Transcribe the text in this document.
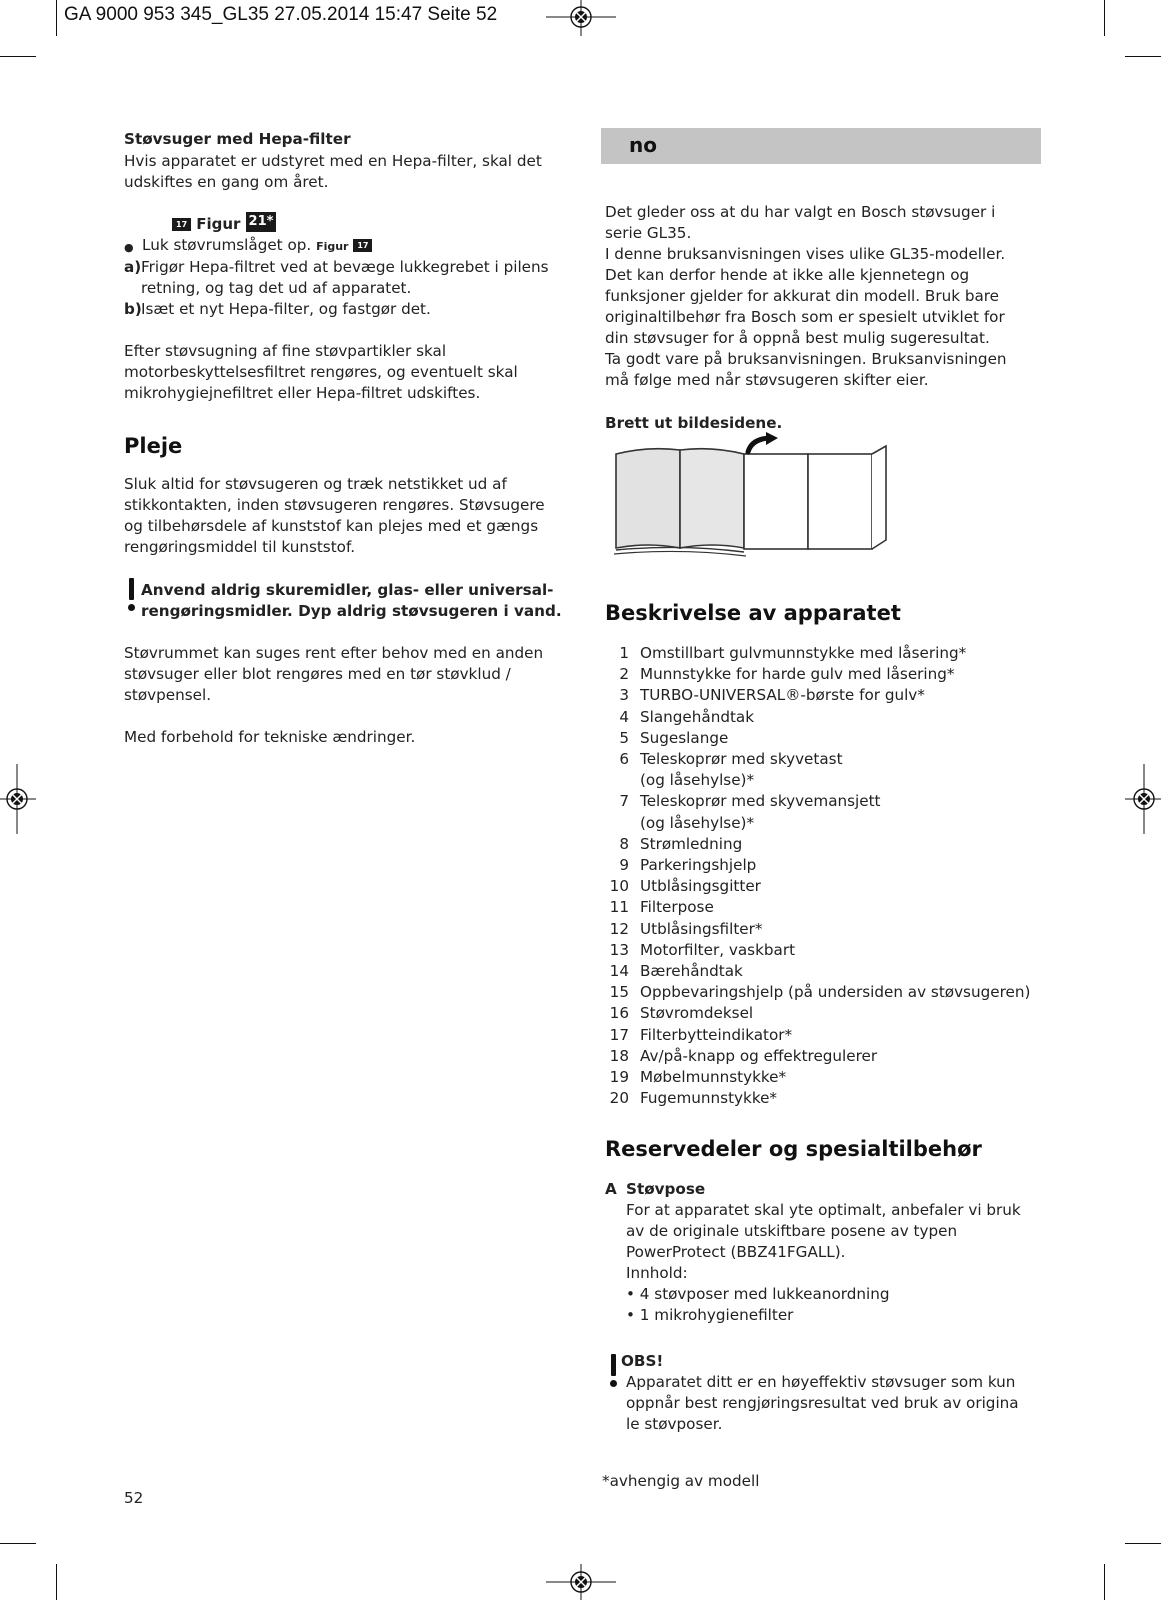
GA 9000 953 345_GL35 27.05.2014 15:47 Seite 52
Støvsuger med Hepa-filter
Hvis apparatet er udstyret med en Hepa-filter, skal det
udskiftes en gang om året.
17 Figur 21*
● Luk støvrumslåget op. Figur 17
a) Frigør Hepa-filtret ved at bevæge lukkegrebet i pilens
retning, og tag det ud af apparatet.
b) Isæt et nyt Hepa-filter, og fastgør det.
Efter støvsugning af fine støvpartikler skal
motorbeskyttelsesfiltret rengøres, og eventuelt skal
mikrohygiejnefiltret eller Hepa-filtret udskiftes.
Pleje
Sluk altid for støvsugeren og træk netstikket ud af
stikkontakten, inden støvsugeren rengøres. Støvsugere
og tilbehørsdele af kunststof kan plejes med et gængs
rengøringsmiddel til kunststof.
Anvend aldrig skuremidler, glas- eller universal-
rengøringsmidler. Dyp aldrig støvsugeren i vand.
Støvrummet kan suges rent efter behov med en anden
støvsuger eller blot rengøres med en tør støvklud /
støvpensel.
Med forbehold for tekniske ændringer.
52
no
Det gleder oss at du har valgt en Bosch støvsuger i
serie GL35.
I denne bruksanvisningen vises ulike GL35-modeller.
Det kan derfor hende at ikke alle kjennetegn og
funksjoner gjelder for akkurat din modell. Bruk bare
originaltilbehør fra Bosch som er spesielt utviklet for
din støvsuger for å oppnå best mulig sugeresultat.
Ta godt vare på bruksanvisningen. Bruksanvisningen
må følge med når støvsugeren skifter eier.
Brett ut bildesidene.
Beskrivelse av apparatet
1 Omstillbart gulvmunnstykke med låsering*
2 Munnstykke for harde gulv med låsering*
3 TURBO-UNIVERSAL®-børste for gulv*
4 Slangehåndtak
5 Sugeslange
6 Teleskoprør med skyvetast
(og låsehylse)*
7 Teleskoprør med skyvemansjett
(og låsehylse)*
8 Strømledning
9 Parkeringshjelp
10 Utblåsingsgitter
11 Filterpose
12 Utblåsingsfilter*
13 Motorfilter, vaskbart
14 Bærehåndtak
15 Oppbevaringshjelp (på undersiden av støvsugeren)
16 Støvromdeksel
17 Filterbytteindikator*
18 Av/på-knapp og effektregulerer
19 Møbelmunnstykke*
20 Fugemunnstykke*
Reservedeler og spesialtilbehør
A Støvpose
For at apparatet skal yte optimalt, anbefaler vi bruk
av de originale utskiftbare posene av typen
PowerProtect (BBZ41FGALL).
Innhold:
• 4 støvposer med lukkeanordning
• 1 mikrohygienefilter
OBS!
Apparatet ditt er en høyeffektiv støvsuger som kun
oppnår best rengjøringsresultat ved bruk av origina
le støvposer.
*avhengig av modell
